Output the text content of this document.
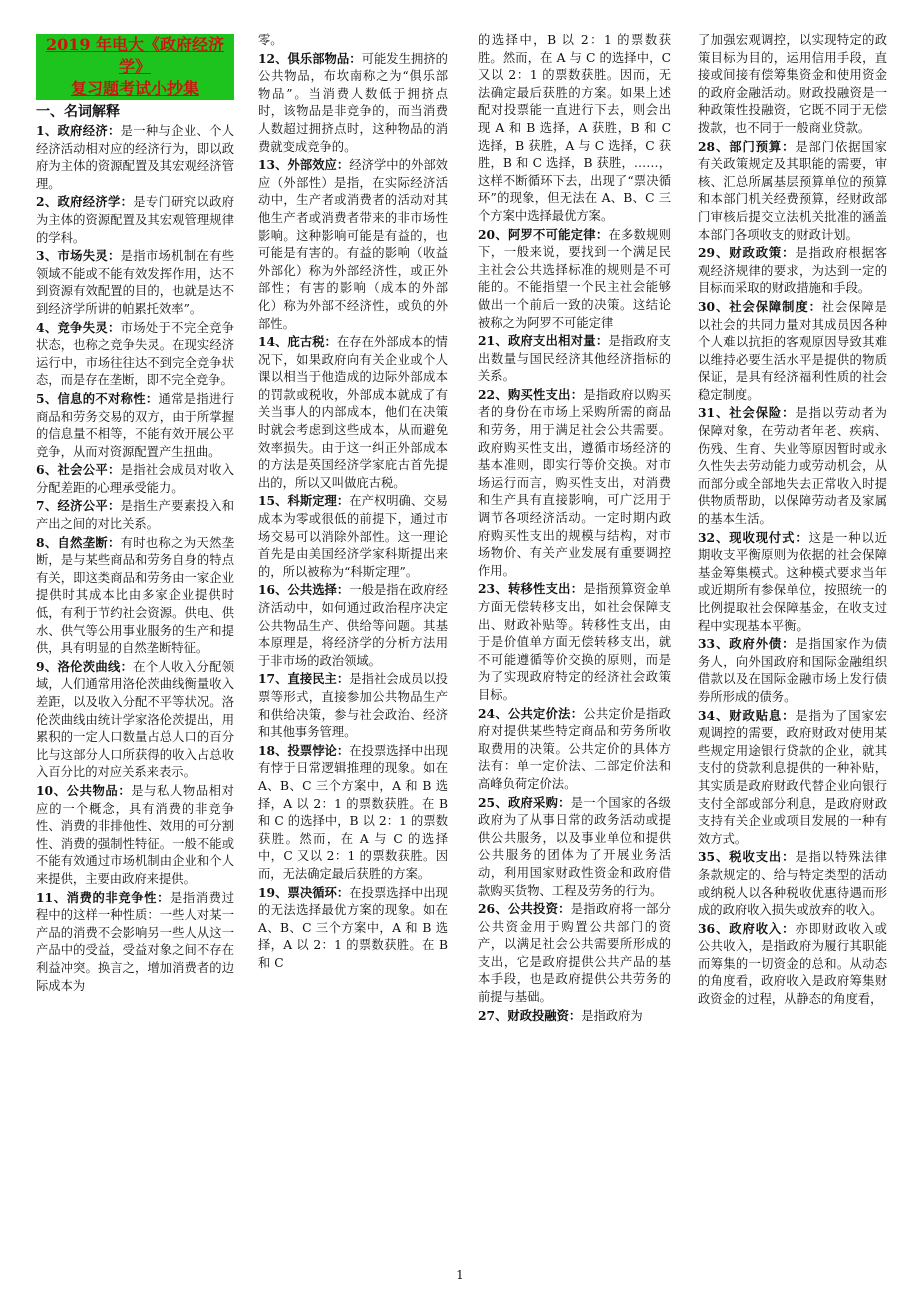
2019 年电大《政府经济学》
复习题考试小抄集
一、名词解释

1、政府经济：是一种与企业、个人经济活动相对应的经济行为，即以政府为主体的资源配置及其宏观经济管理。

2、政府经济学：是专门研究以政府为主体的资源配置及其宏观管理规律的学科。

3、市场失灵：是指市场机制在有些领域不能或不能有效发挥作用，达不到资源有效配置的目的，也就是达不到经济学所讲的帕累托效率”。

4、竞争失灵：市场处于不完全竞争状态，也称之竞争失灵。在现实经济运行中，市场往往达不到完全竞争状态，而是存在垄断，即不完全竞争。

5、信息的不对称性：通常是指进行商品和劳务交易的双方，由于所掌握的信息量不相等，不能有效开展公平竞争，从而对资源配置产生扭曲。

6、社会公平：是指社会成员对收入分配差距的心理承受能力。

7、经济公平：是指生产要素投入和产出之间的对比关系。

8、自然垄断：有时也称之为天然垄断，是与某些商品和劳务自身的特点有关，即这类商品和劳务由一家企业提供时其成本比由多家企业提供时低，有利于节约社会资源。供电、供水、供气等公用事业服务的生产和提供，具有明显的自然垄断特征。

9、洛伦茨曲线：在个人收入分配领域，人们通常用洛伦茨曲线衡量收入差距，以及收入分配不平等状况。洛伦茨曲线由统计学家洛伦茨提出，用累积的一定人口数量占总人口的百分比与这部分人口所获得的收入占总收入百分比的对应关系来表示。

10、公共物品：是与私人物品相对应的一个概念，具有消费的非竞争性、消费的非排他性、效用的可分割性、消费的强制性特征。一般不能或不能有效通过市场机制由企业和个人来提供，主要由政府来提供。

11、消费的非竞争性：是指消费过程中的这样一种性质：一些人对某一产品的消费不会影响另一些人从这一产品中的受益，受益对象之间不存在利益冲突。换言之，增加消费者的边际成本为

零。

12、俱乐部物品：可能发生拥挤的公共物品，布坎南称之为“俱乐部物品”。当消费人数低于拥挤点时，该物品是非竞争的，而当消费人数超过拥挤点时，这种物品的消费就变成竞争的。

13、外部效应：经济学中的外部效应（外部性）是指，在实际经济活动中，生产者或消费者的活动对其他生产者或消费者带来的非市场性影响。这种影响可能是有益的，也可能是有害的。有益的影响（收益外部化）称为外部经济性，或正外部性；有害的影响（成本的外部化）称为外部不经济性，或负的外部性。

14、庇古税：在存在外部成本的情况下，如果政府向有关企业或个人课以相当于他造成的边际外部成本的罚款或税收，外部成本就成了有关当事人的内部成本，他们在决策时就会考虑到这些成本，从而避免效率损失。由于这一纠正外部成本的方法是英国经济学家庇古首先提出的，所以又叫做庇古税。

15、科斯定理：在产权明确、交易成本为零或很低的前提下，通过市场交易可以消除外部性。这一理论首先是由美国经济学家科斯提出来的，所以被称为“科斯定理”。

16、公共选择：一般是指在政府经济活动中，如何通过政治程序决定公共物品生产、供给等问题。其基本原理是，将经济学的分析方法用于非市场的政治领域。

17、直接民主：是指社会成员以投票等形式，直接参加公共物品生产和供给决策，参与社会政治、经济和其他事务管理。

18、投票悖论：在投票选择中出现有悖于日常逻辑推理的现象。如在 A、B、C 三个方案中，A 和 B 选择，A 以 2：1 的票数获胜。在 B 和 C 的选择中，B 以 2：1 的票数获胜。然而，在 A 与 C 的选择中，C 又以 2：1 的票数获胜。因而，无法确定最后获胜的方案。

19、票决循环：在投票选择中出现的无法选择最优方案的现象。如在 A、B、C 三个方案中，A 和 B 选择，A 以 2：1 的票数获胜。在 B 和 C

的选择中，B 以 2：1 的票数获胜。然而，在 A 与 C 的选择中，C 又以 2：1 的票数获胜。因而，无法确定最后获胜的方案。如果上述配对投票能一直进行下去，则会出现 A 和 B 选择，A 获胜，B 和 C 选择，B 获胜，A 与 C 选择，C 获胜，B 和 C 选择，B 获胜，……，这样不断循环下去，出现了“票决循环”的现象，但无法在 A、B、C 三个方案中选择最优方案。

20、阿罗不可能定律：在多数规则下，一般来说，要找到一个满足民主社会公共选择标准的规则是不可能的。不能指望一个民主社会能够做出一个前后一致的决策。这结论被称之为阿罗不可能定律

21、政府支出相对量：是指政府支出数量与国民经济其他经济指标的关系。

22、购买性支出：是指政府以购买者的身份在市场上采购所需的商品和劳务，用于满足社会公共需要。政府购买性支出，遵循市场经济的基本准则，即实行等价交换。对市场运行而言，购买性支出，对消费和生产具有直接影响，可广泛用于调节各项经济活动。一定时期内政府购买性支出的规模与结构，对市场物价、有关产业发展有重要调控作用。

23、转移性支出：是指预算资金单方面无偿转移支出，如社会保障支出、财政补贴等。转移性支出，由于是价值单方面无偿转移支出，就不可能遵循等价交换的原则，而是为了实现政府特定的经济社会政策目标。

24、公共定价法：公共定价是指政府对提供某些特定商品和劳务所收取费用的决策。公共定价的具体方法有：单一定价法、二部定价法和高峰负荷定价法。

25、政府采购：是一个国家的各级政府为了从事日常的政务活动或提供公共服务，以及事业单位和提供公共服务的团体为了开展业务活动，利用国家财政性资金和政府借款购买货物、工程及劳务的行为。

26、公共投资：是指政府将一部分公共资金用于购置公共部门的资产，以满足社会公共需要所形成的支出，它是政府提供公共产品的基本手段，也是政府提供公共劳务的前提与基础。

27、财政投融资：是指政府为

了加强宏观调控，以实现特定的政策目标为目的，运用信用手段，直接或间接有偿筹集资金和使用资金的政府金融活动。财政投融资是一种政策性投融资，它既不同于无偿拨款，也不同于一般商业贷款。

28、部门预算：是部门依据国家有关政策规定及其职能的需要，审核、汇总所属基层预算单位的预算和本部门机关经费预算，经财政部门审核后提交立法机关批准的涵盖本部门各项收支的财政计划。

29、财政政策：是指政府根据客观经济规律的要求，为达到一定的目标而采取的财政措施和手段。

30、社会保障制度：社会保障是以社会的共同力量对其成员因各种个人难以抗拒的客观原因导致其难以维持必要生活水平是提供的物质保证，是具有经济福利性质的社会稳定制度。

31、社会保险：是指以劳动者为保障对象，在劳动者年老、疾病、伤残、生育、失业等原因暂时或永久性失去劳动能力或劳动机会，从而部分或全部地失去正常收入时提供物质帮助，以保障劳动者及家属的基本生活。

32、现收现付式：这是一种以近期收支平衡原则为依据的社会保障基金筹集模式。这种模式要求当年或近期所有参保单位，按照统一的比例提取社会保障基金，在收支过程中实现基本平衡。

33、政府外债：是指国家作为债务人，向外国政府和国际金融组织借款以及在国际金融市场上发行债券所形成的债务。

34、财政贴息：是指为了国家宏观调控的需要，政府财政对使用某些规定用途银行贷款的企业，就其支付的贷款利息提供的一种补贴，其实质是政府财政代替企业向银行支付全部或部分利息，是政府财政支持有关企业或项目发展的一种有效方式。

35、税收支出：是指以特殊法律条款规定的、给与特定类型的活动或纳税人以各种税收优惠待遇而形成的政府收入损失或放弃的收入。

36、政府收入：亦即财政收入或公共收入，是指政府为履行其职能而筹集的一切资金的总和。从动态的角度看，政府收入是政府筹集财政资金的过程，从静态的角度看，

1
